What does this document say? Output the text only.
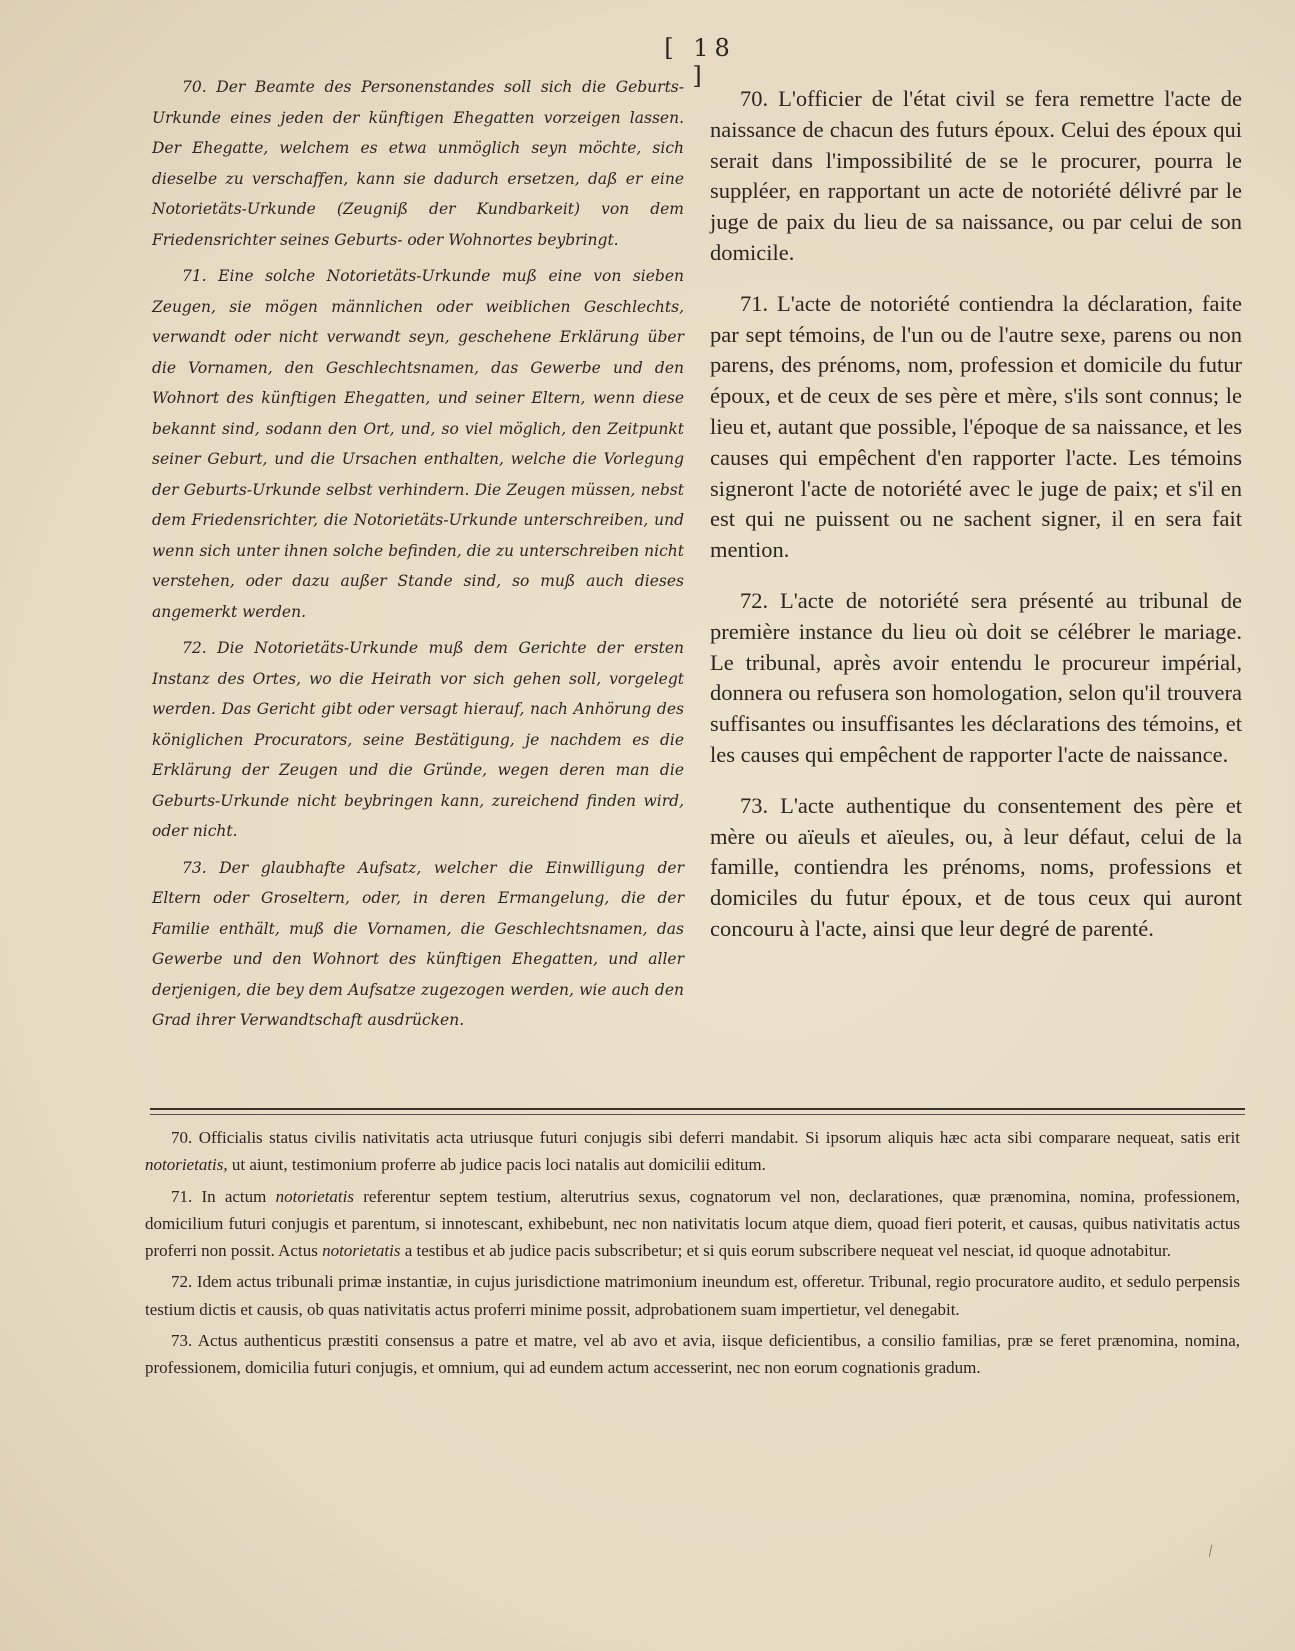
[ 18 ]

70. Der Beamte des Personenstandes soll sich die Geburts-Urkunde eines jeden der künftigen Ehegatten vorzeigen lassen. Der Ehegatte, welchem es etwa unmöglich seyn möchte, sich dieselbe zu verschaffen, kann sie dadurch ersetzen, daß er eine Notorietäts-Urkunde (Zeugniß der Kundbarkeit) von dem Friedensrichter seines Geburts- oder Wohnortes beybringt.

71. Eine solche Notorietäts-Urkunde muß eine von sieben Zeugen, sie mögen männlichen oder weiblichen Geschlechts, verwandt oder nicht verwandt seyn, geschehene Erklärung über die Vornamen, den Geschlechtsnamen, das Gewerbe und den Wohnort des künftigen Ehegatten, und seiner Eltern, wenn diese bekannt sind, sodann den Ort, und, so viel möglich, den Zeitpunkt seiner Geburt, und die Ursachen enthalten, welche die Vorlegung der Geburts-Urkunde selbst verhindern. Die Zeugen müssen, nebst dem Friedensrichter, die Notorietäts-Urkunde unterschreiben, und wenn sich unter ihnen solche befinden, die zu unterschreiben nicht verstehen, oder dazu außer Stande sind, so muß auch dieses angemerkt werden.

72. Die Notorietäts-Urkunde muß dem Gerichte der ersten Instanz des Ortes, wo die Heirath vor sich gehen soll, vorgelegt werden. Das Gericht gibt oder versagt hierauf, nach Anhörung des königlichen Procurators, seine Bestätigung, je nachdem es die Erklärung der Zeugen und die Gründe, wegen deren man die Geburts-Urkunde nicht beybringen kann, zureichend finden wird, oder nicht.

73. Der glaubhafte Aufsatz, welcher die Einwilligung der Eltern oder Groseltern, oder, in deren Ermangelung, die der Familie enthält, muß die Vornamen, die Geschlechtsnamen, das Gewerbe und den Wohnort des künftigen Ehegatten, und aller derjenigen, die bey dem Aufsatze zugezogen werden, wie auch den Grad ihrer Verwandtschaft ausdrücken.

70. L'officier de l'état civil se fera remettre l'acte de naissance de chacun des futurs époux. Celui des époux qui serait dans l'impossibilité de se le procurer, pourra le suppléer, en rapportant un acte de notoriété délivré par le juge de paix du lieu de sa naissance, ou par celui de son domicile.

71. L'acte de notoriété contiendra la déclaration, faite par sept témoins, de l'un ou de l'autre sexe, parens ou non parens, des prénoms, nom, profession et domicile du futur époux, et de ceux de ses père et mère, s'ils sont connus; le lieu et, autant que possible, l'époque de sa naissance, et les causes qui empêchent d'en rapporter l'acte. Les témoins signeront l'acte de notoriété avec le juge de paix; et s'il en est qui ne puissent ou ne sachent signer, il en sera fait mention.

72. L'acte de notoriété sera présenté au tribunal de première instance du lieu où doit se célébrer le mariage. Le tribunal, après avoir entendu le procureur impérial, donnera ou refusera son homologation, selon qu'il trouvera suffisantes ou insuffisantes les déclarations des témoins, et les causes qui empêchent de rapporter l'acte de naissance.

73. L'acte authentique du consentement des père et mère ou aïeuls et aïeules, ou, à leur défaut, celui de la famille, contiendra les prénoms, noms, professions et domiciles du futur époux, et de tous ceux qui auront concouru à l'acte, ainsi que leur degré de parenté.

70. Officialis status civilis nativitatis acta utriusque futuri conjugis sibi deferri mandabit. Si ipsorum aliquis hæc acta sibi comparare nequeat, satis erit notorietatis, ut aiunt, testimonium proferre ab judice pacis loci natalis aut domicilii editum.

71. In actum notorietatis referentur septem testium, alterutrius sexus, cognatorum vel non, declarationes, quæ prænomina, nomina, professionem, domicilium futuri conjugis et parentum, si innotescant, exhibebunt, nec non nativitatis locum atque diem, quoad fieri poterit, et causas, quibus nativitatis actus proferri non possit. Actus notorietatis a testibus et ab judice pacis subscribetur; et si quis eorum subscribere nequeat vel nesciat, id quoque adnotabitur.

72. Idem actus tribunali primæ instantiæ, in cujus jurisdictione matrimonium ineundum est, offeretur. Tribunal, regio procuratore audito, et sedulo perpensis testium dictis et causis, ob quas nativitatis actus proferri minime possit, adprobationem suam impertietur, vel denegabit.

73. Actus authenticus præstiti consensus a patre et matre, vel ab avo et avia, iisque deficientibus, a consilio familias, præ se feret prænomina, nomina, professionem, domicilia futuri conjugis, et omnium, qui ad eundem actum accesserint, nec non eorum cognationis gradum.
